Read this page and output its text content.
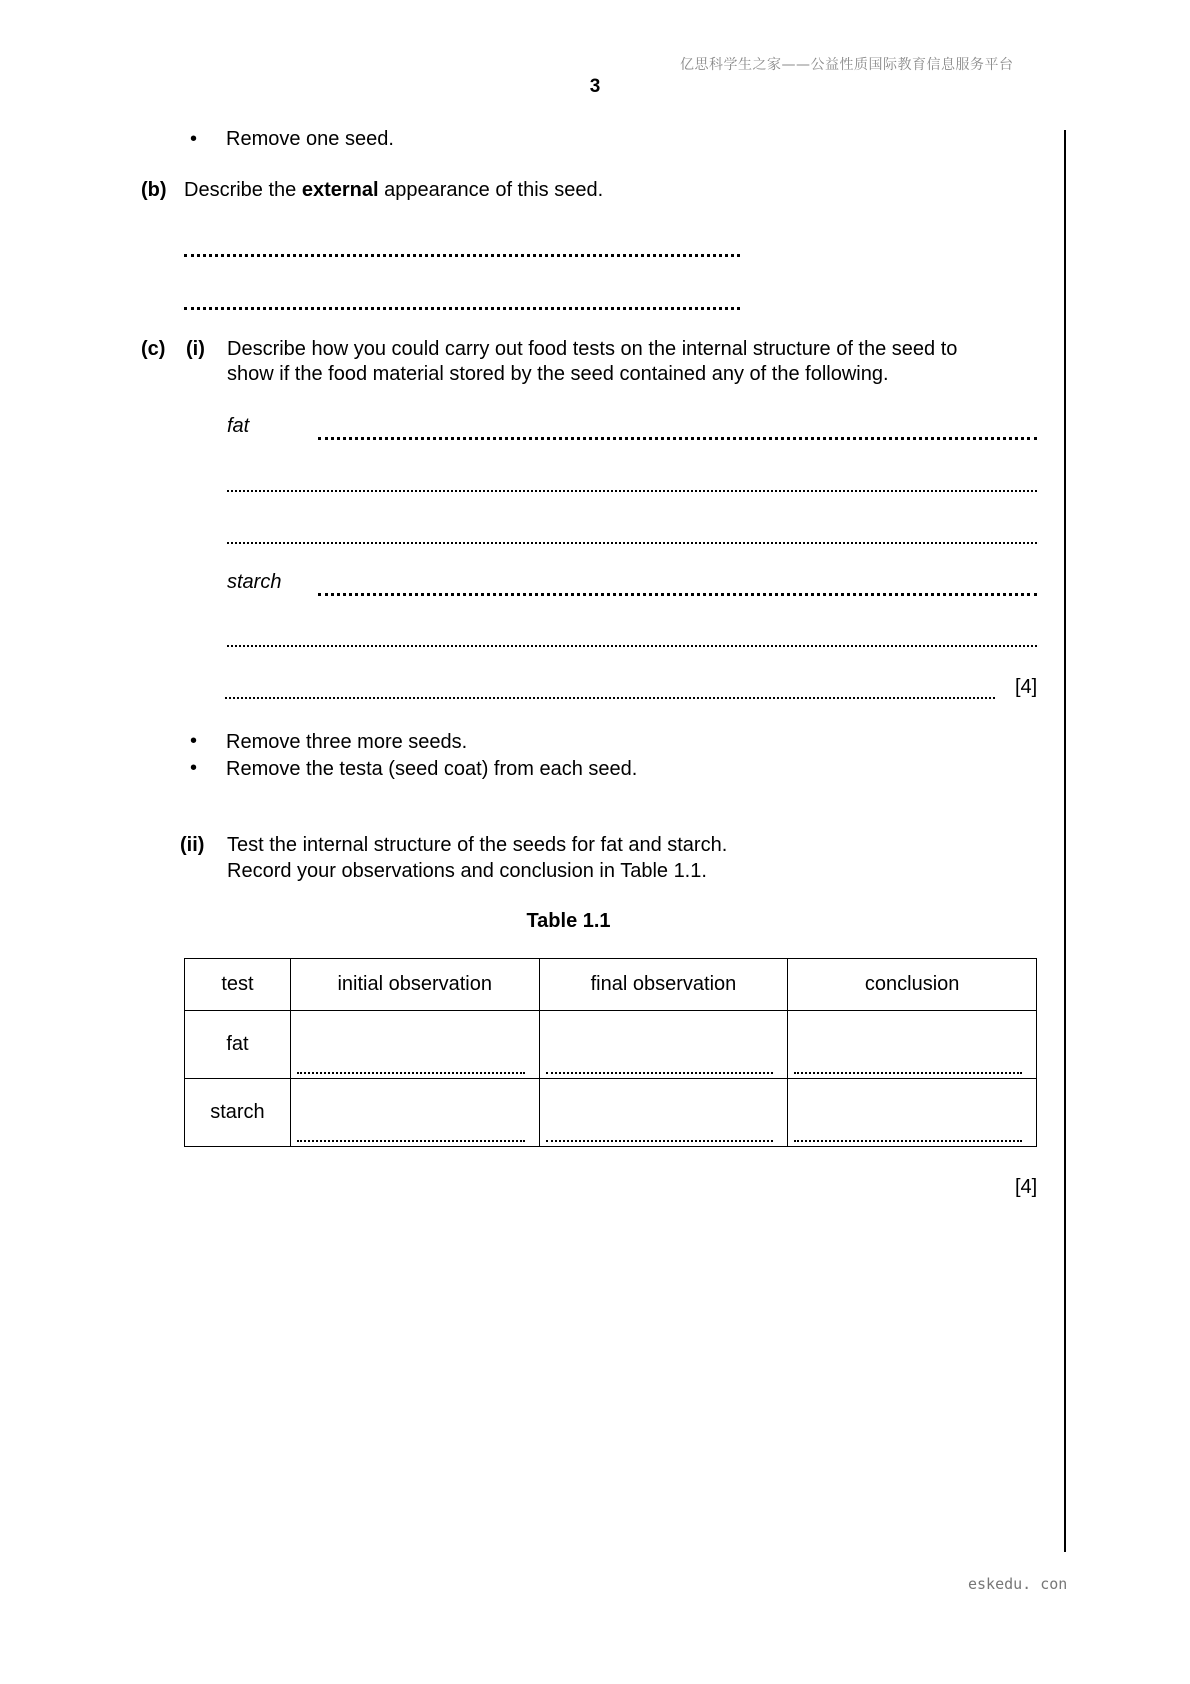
亿思科学生之家——公益性质国际教育信息服务平台
3
• Remove one seed.
(b) Describe the external appearance of this seed.
(c) (i) Describe how you could carry out food tests on the internal structure of the seed to
show if the food material stored by the seed contained any of the following.
fat
starch
[4]
• Remove three more seeds.
• Remove the testa (seed coat) from each seed.
(ii) Test the internal structure of the seeds for fat and starch.
Record your observations and conclusion in Table 1.1.
Table 1.1
test	initial observation	final observation	conclusion
fat	

starch	

[4]
eskedu. con
